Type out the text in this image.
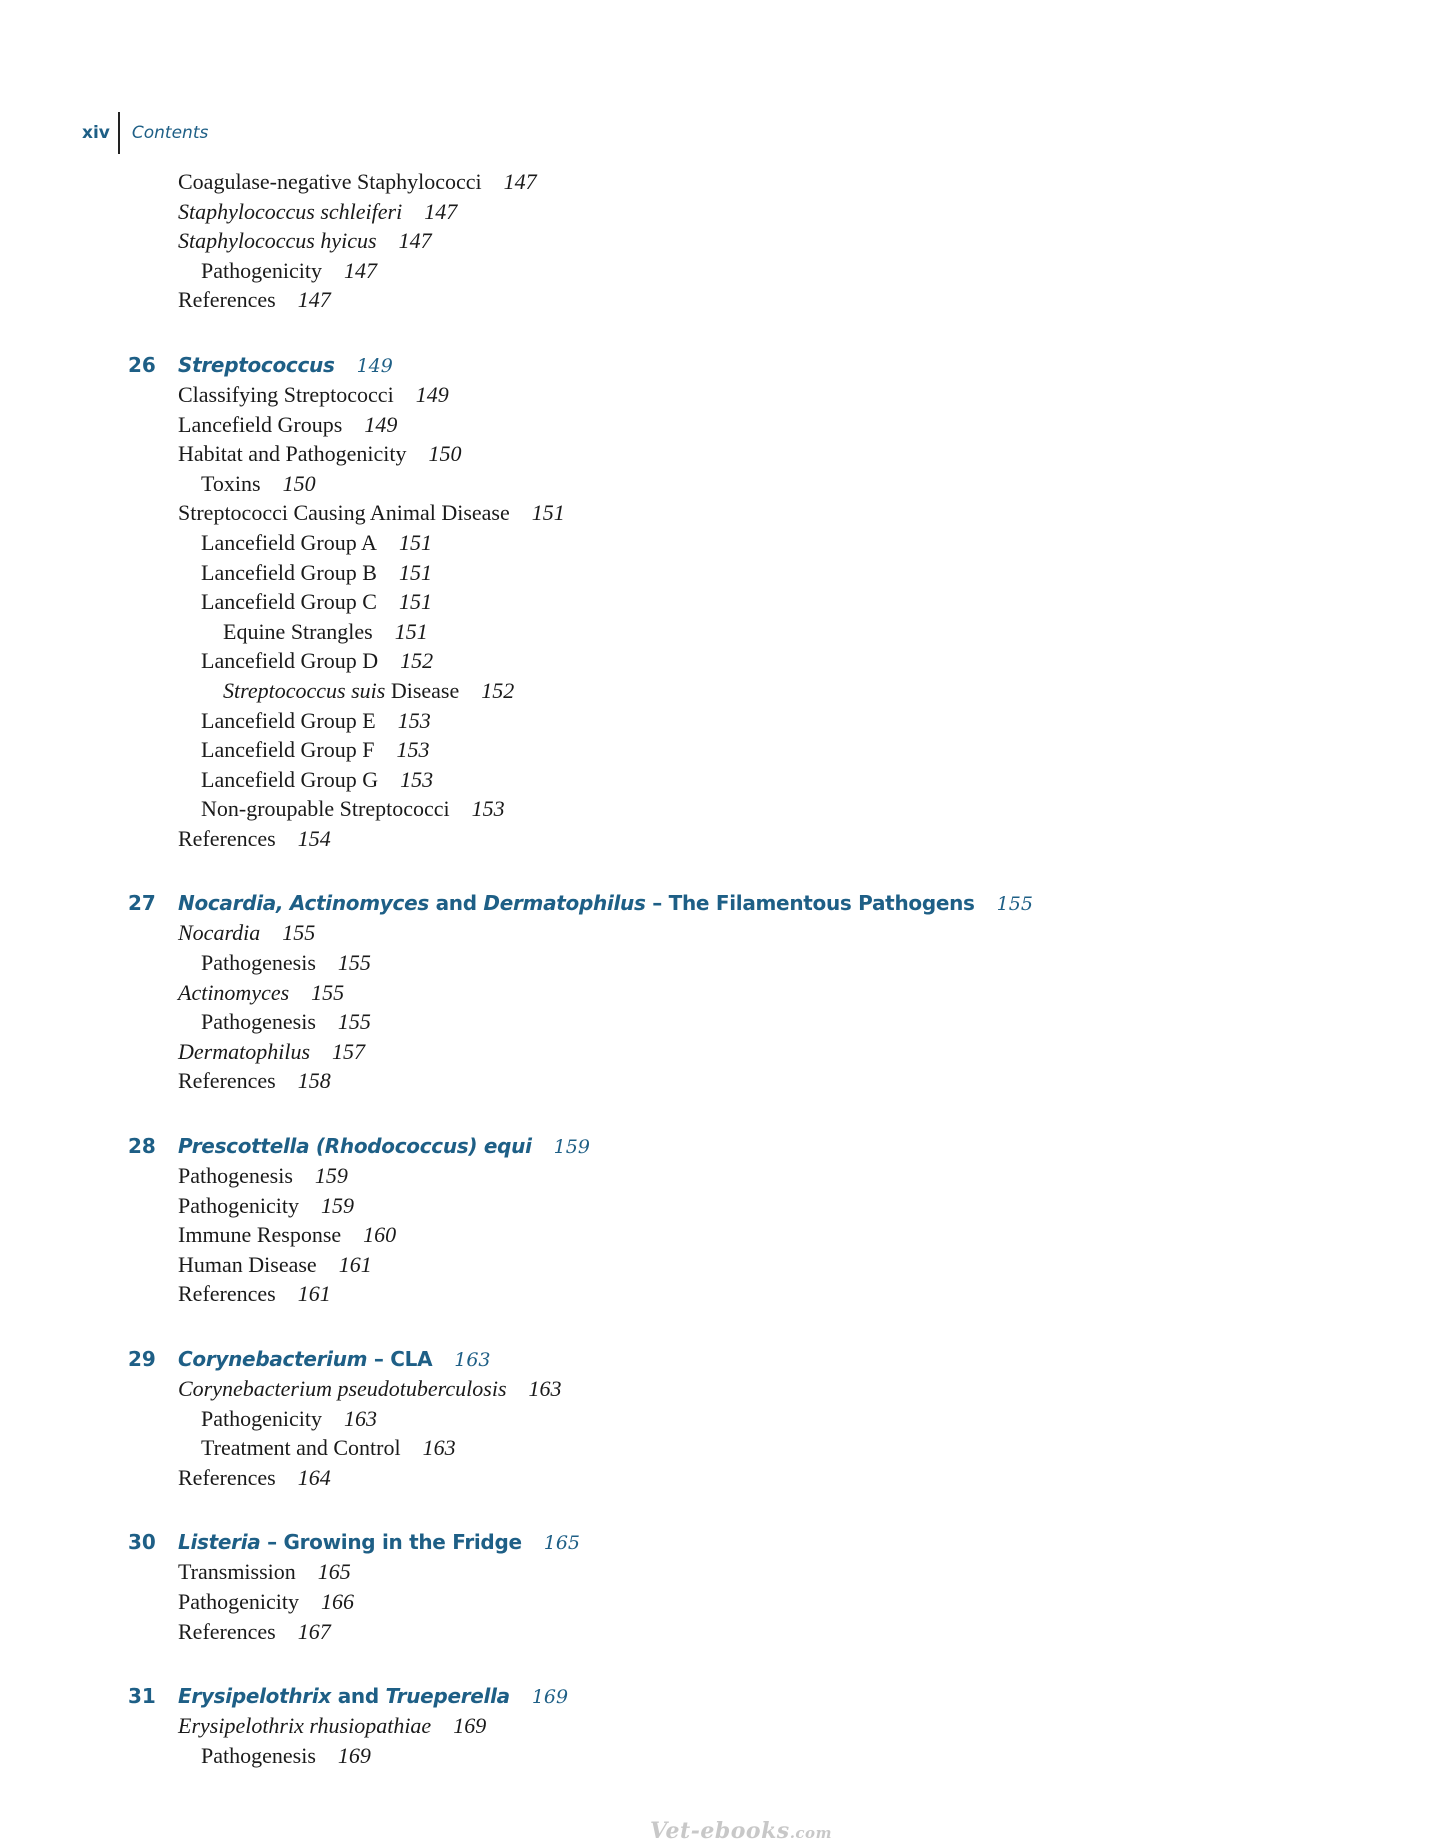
xiv	Contents
Coagulase-negative Staphylococci 147
Staphylococcus schleiferi 147
Staphylococcus hyicus 147
Pathogenicity 147
References 147
26	Streptococcus 149
Classifying Streptococci 149
Lancefield Groups 149
Habitat and Pathogenicity 150
Toxins 150
Streptococci Causing Animal Disease 151
Lancefield Group A 151
Lancefield Group B 151
Lancefield Group C 151
Equine Strangles 151
Lancefield Group D 152
Streptococcus suis Disease 152
Lancefield Group E 153
Lancefield Group F 153
Lancefield Group G 153
Non-groupable Streptococci 153
References 154
27	Nocardia, Actinomyces and Dermatophilus – The Filamentous Pathogens 155
Nocardia 155
Pathogenesis 155
Actinomyces 155
Pathogenesis 155
Dermatophilus 157
References 158
28	Prescottella (Rhodococcus) equi 159
Pathogenesis 159
Pathogenicity 159
Immune Response 160
Human Disease 161
References 161
29	Corynebacterium – CLA 163
Corynebacterium pseudotuberculosis 163
Pathogenicity 163
Treatment and Control 163
References 164
30	Listeria – Growing in the Fridge 165
Transmission 165
Pathogenicity 166
References 167
31	Erysipelothrix and Trueperella 169
Erysipelothrix rhusiopathiae 169
Pathogenesis 169
Vet-ebooks.com
